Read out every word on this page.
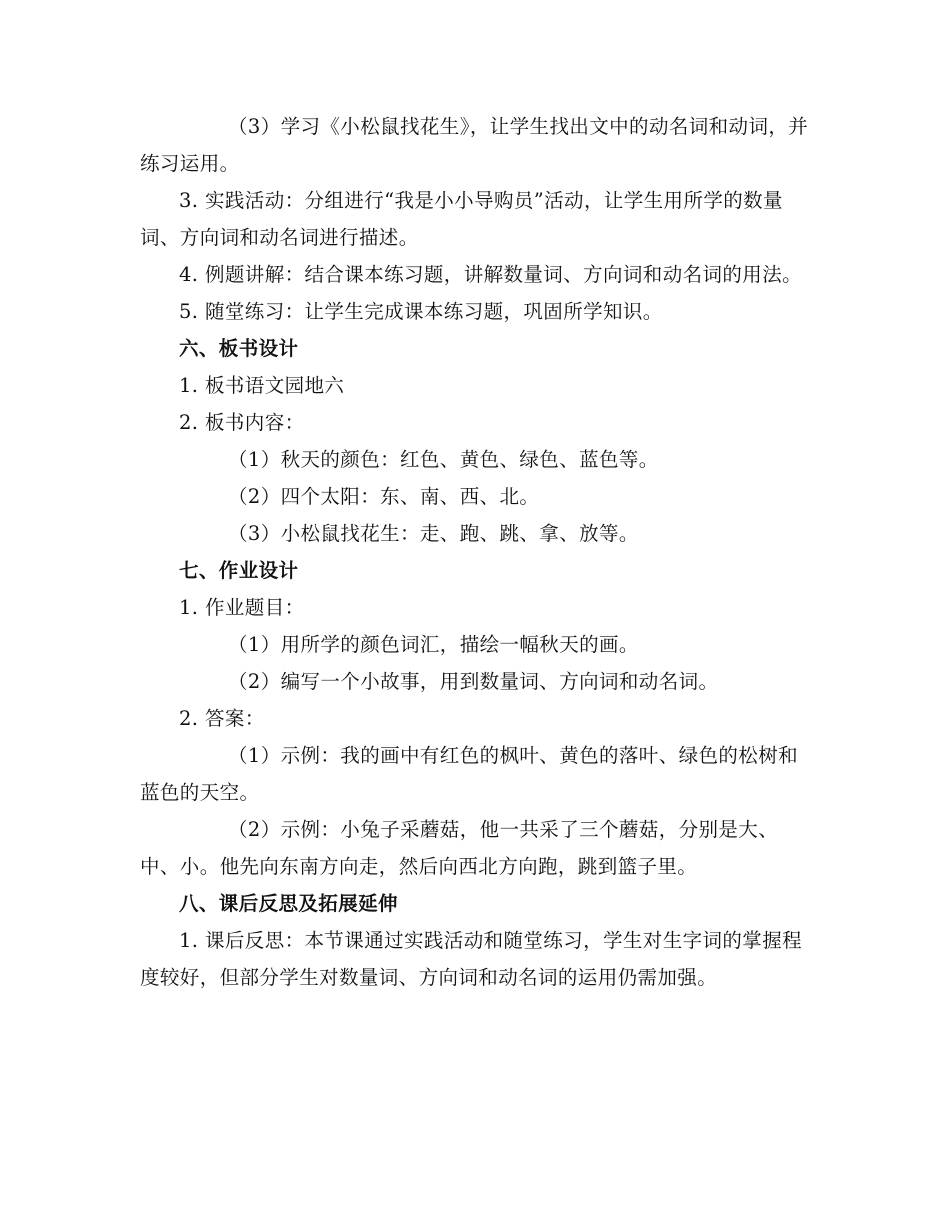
（3）学习《小松鼠找花生》，让学生找出文中的动名词和动词，并练习运用。

3. 实践活动：分组进行“我是小小导购员”活动，让学生用所学的数量词、方向词和动名词进行描述。

4. 例题讲解：结合课本练习题，讲解数量词、方向词和动名词的用法。

5. 随堂练习：让学生完成课本练习题，巩固所学知识。

六、板书设计

1. 板书语文园地六

2. 板书内容：

（1）秋天的颜色：红色、黄色、绿色、蓝色等。

（2）四个太阳：东、南、西、北。

（3）小松鼠找花生：走、跑、跳、拿、放等。

七、作业设计

1. 作业题目：

（1）用所学的颜色词汇，描绘一幅秋天的画。

（2）编写一个小故事，用到数量词、方向词和动名词。

2. 答案：

（1）示例：我的画中有红色的枫叶、黄色的落叶、绿色的松树和蓝色的天空。

（2）示例：小兔子采蘑菇，他一共采了三个蘑菇，分别是大、中、小。他先向东南方向走，然后向西北方向跑，跳到篮子里。

八、课后反思及拓展延伸

1. 课后反思：本节课通过实践活动和随堂练习，学生对生字词的掌握程度较好，但部分学生对数量词、方向词和动名词的运用仍需加强。
